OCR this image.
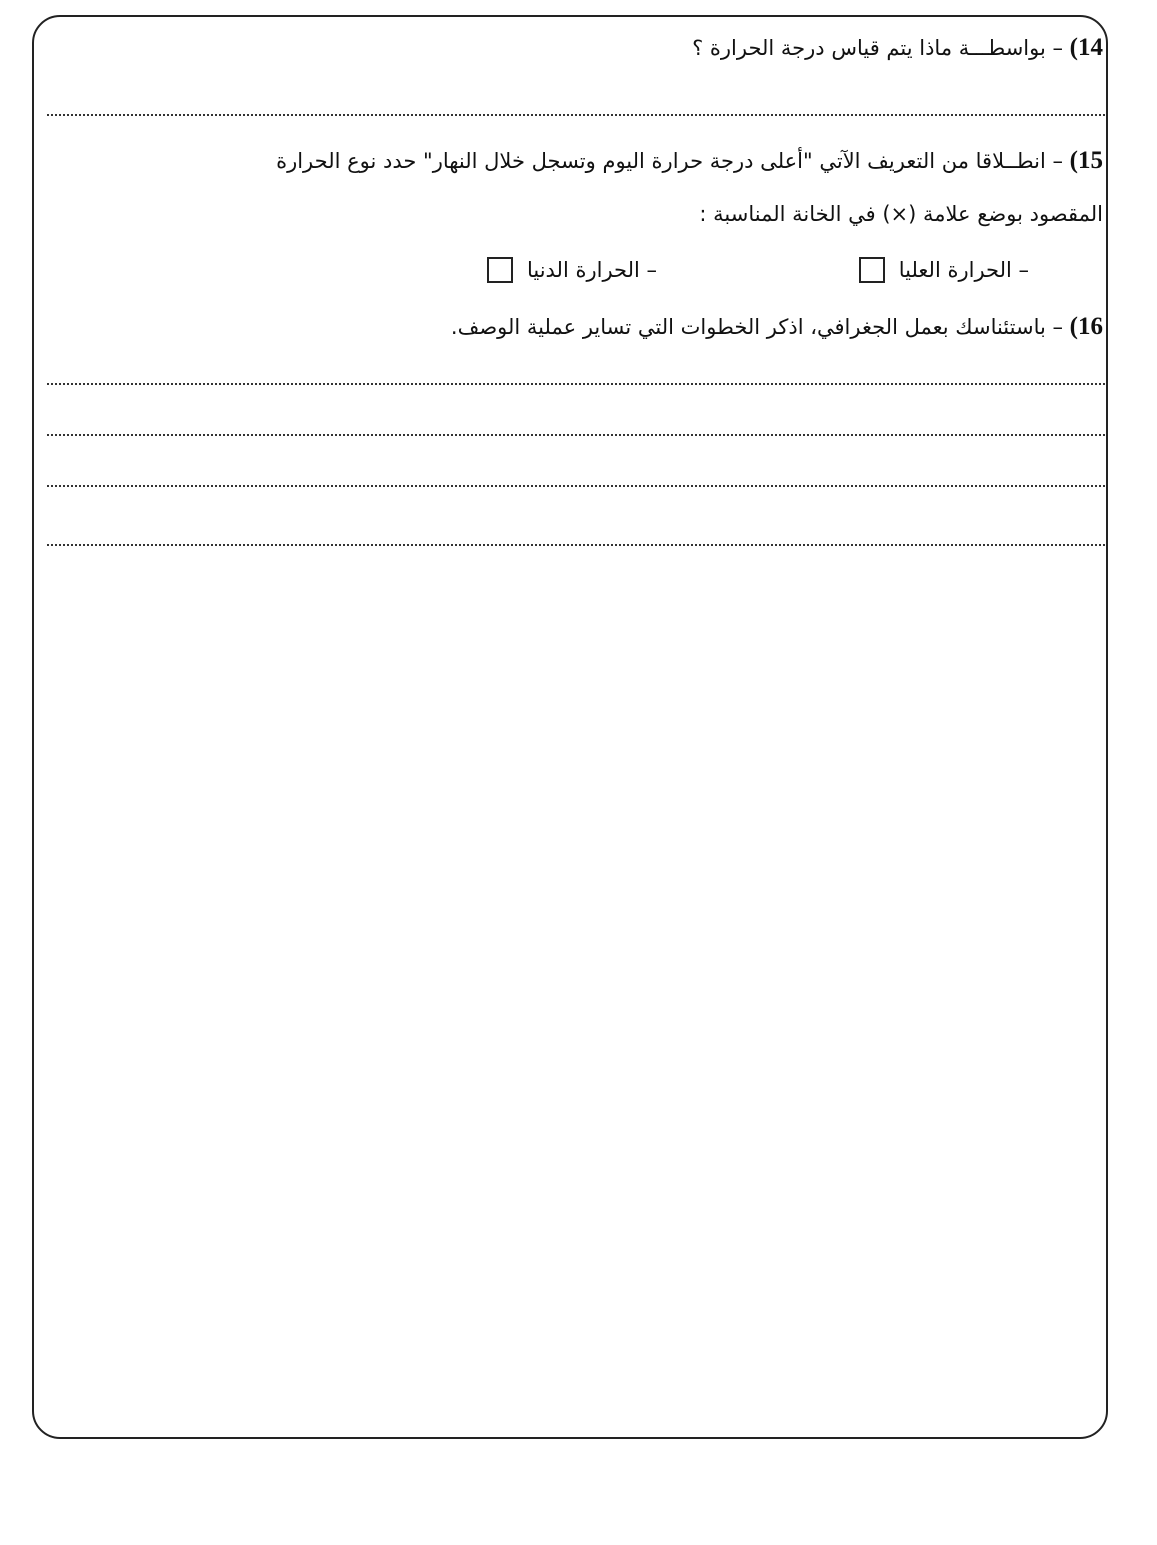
14) – بواسطـــة ماذا يتم قياس درجة الحرارة ؟
15) – انطــلاقا من التعريف الآتي "أعلى درجة حرارة اليوم وتسجل خلال النهار" حدد نوع الحرارة
المقصود بوضع علامة (×) في الخانة المناسبة :
– الحرارة العليا
– الحرارة الدنيا
16) – باستئناسك بعمل الجغرافي، اذكر الخطوات التي تساير عملية الوصف.
